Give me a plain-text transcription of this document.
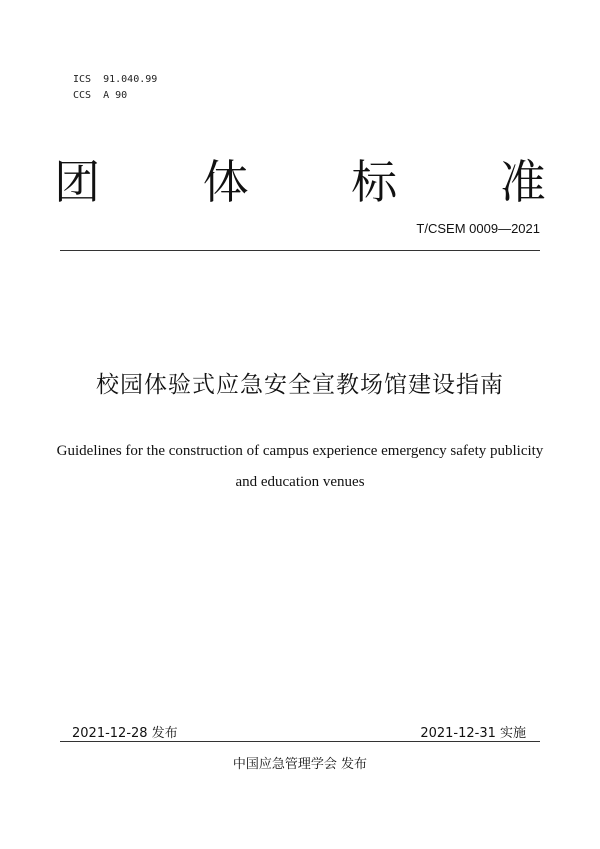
ICS  91.040.99
CCS  A 90
团 体 标 准
T/CSEM 0009—2021
校园体验式应急安全宣教场馆建设指南
Guidelines for the construction of campus experience emergency safety publicity
and education venues
2021-12-28 发布	2021-12-31 实施
中国应急管理学会 发布
